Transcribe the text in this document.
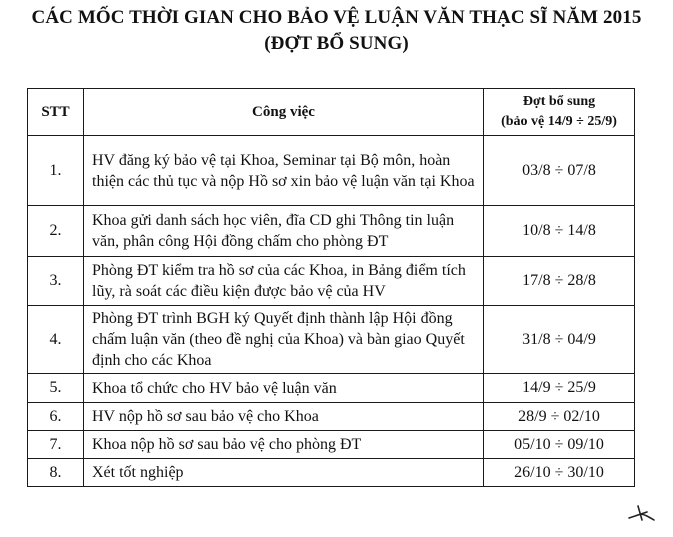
CÁC MỐC THỜI GIAN CHO BẢO VỆ LUẬN VĂN THẠC SĨ NĂM 2015
(ĐỢT BỔ SUNG)
STT	Công việc	Đợt bổ sung
(bảo vệ 14/9 ÷ 25/9)

1.	HV đăng ký bảo vệ tại Khoa, Seminar tại Bộ môn, hoàn thiện các thủ tục và nộp Hồ sơ xin bảo vệ luận văn tại Khoa	03/8 ÷ 07/8
2.	Khoa gửi danh sách học viên, đĩa CD ghi Thông tin luận văn, phân công Hội đồng chấm cho phòng ĐT	10/8 ÷ 14/8
3.	Phòng ĐT kiểm tra hồ sơ của các Khoa, in Bảng điểm tích lũy, rà soát các điều kiện được bảo vệ của HV	17/8 ÷ 28/8
4.	Phòng ĐT trình BGH ký Quyết định thành lập Hội đồng chấm luận văn (theo đề nghị của Khoa) và bàn giao Quyết định cho các Khoa	31/8 ÷ 04/9
5.	Khoa tổ chức cho HV bảo vệ luận văn	14/9 ÷ 25/9
6.	HV nộp hồ sơ sau bảo vệ cho Khoa	28/9 ÷ 02/10
7.	Khoa nộp hồ sơ sau bảo vệ cho phòng ĐT	05/10 ÷ 09/10
8.	Xét tốt nghiệp	26/10 ÷ 30/10
